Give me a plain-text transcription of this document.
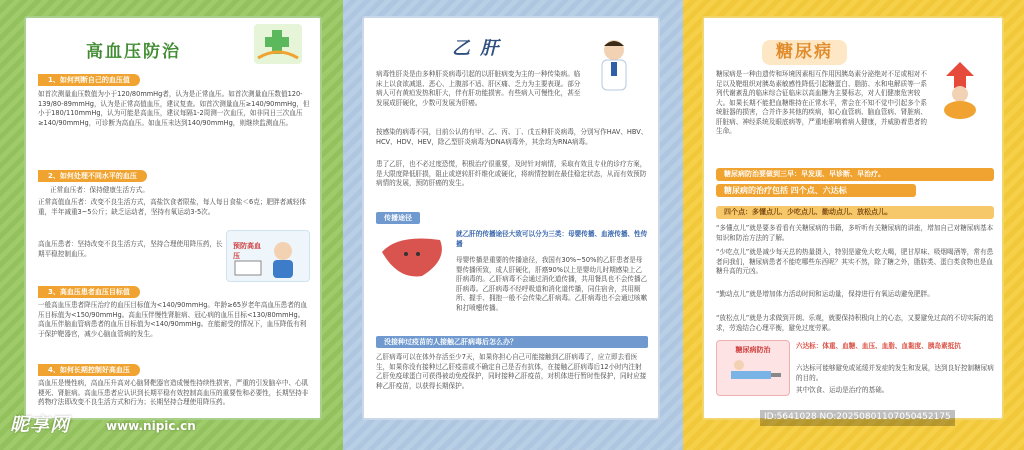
高血压防治
1、如何判断自己的血压值
如首次测量血压数值为小于120/80mmHg者，认为是正常血压。如首次测量血压数值120-139/80-89mmHg，认为是正常高值血压，建议复查。如首次测量血压≥140/90mmHg，但小于180/110mmHg，认为可能是高血压，建议每隔1-2周测一次血压，如非同日三次血压≥140/90mmHg，可诊断为高血压。如血压未达到140/90mmHg，则继续监测血压。
2、如何处理不同水平的血压
正常血压者：保持健康生活方式。
正常高值血压者：改变不良生活方式，高盐饮食者限盐，每人每日食盐＜6克；肥胖者减轻体重，半年减重3~5公斤；缺乏运动者，坚持有氧运动3-5次。
高血压患者：坚持改变不良生活方式，坚持合理使用降压药，长期平稳控制血压。
预防高血压
3、高血压患者血压目标值
一般高血压患者降压治疗的血压目标值为<140/90mmHg。年龄≥65岁老年高血压患者的血压目标值为<150/90mmHg。高血压伴慢性肾脏病、冠心病的血压目标<130/80mmHg。高血压伴脑血管病患者的血压目标值为<140/90mmHg。在能耐受的情况下，血压降低有利于保护靶器官，减少心脑血管病的发生。
4、如何长期控制好高血压
高血压是慢性病，高血压升高对心脑肾靶器官造成慢性持续性损害，严重的引发脑卒中、心肌梗死、肾脏病。高血压患者应认识到长期平稳有效控制高血压的重要性和必要性，长期坚持非药物疗法即改变不良生活方式和行为；长期坚持合理使用降压药。
乙 肝
病毒性肝炎是由多种肝炎病毒引起的以肝脏病变为主的一种传染病。临床上以食欲减退、恶心、上腹部不适、肝区痛、乏力为主要表现。部分病人可有黄疸发热和肝大，伴有肝功能损害。有些病人可慢性化，甚至发展成肝硬化，少数可发展为肝癌。
按感染的病毒不同，目前公认的有甲、乙、丙、丁、戊五种肝炎病毒，分别写作HAV、HBV、HCV、HDV、HEV，除乙型肝炎病毒为DNA病毒外，其余均为RNA病毒。
患了乙肝，也不必过度恐慌，积极治疗很重要，及时针对病情，采取有效且专业的诊疗方案，是大限度降低肝损，阻止或逆转肝纤维化或硬化，将病情控制在最佳稳定状态，从而有效预防病情的发展，预防肝癌的发生。
传播途径
就乙肝的传播途径大致可以分为三类：母婴传播、血液传播、性传播
母婴传播是重要的传播途径，我国有30%~50%的乙肝患者是母婴传播所致，成人肝硬化，肝癌90%以上是婴幼儿时期感染上乙肝病毒的。乙肝病毒不会通过消化道传播，共用餐具也不会传播乙肝病毒。乙肝病毒不经呼吸道和消化道传播，同住宿舍，共用厕所、握手、拥抱一般不会传染乙肝病毒。乙肝病毒也不会通过咳嗽和打喷嚏传播。
没接种过疫苗的人接触乙肝病毒后怎么办？
乙肝病毒可以在体外存活至少7天，如果你担心自己可能接触到乙肝病毒了，应立即去看医生，如果你没有接种过乙肝疫苗或不确定自己是否有抗体，在接触乙肝病毒后12小时内注射乙肝免疫球蛋白可获得被动免疫保护，同时接种乙肝疫苗，对机体进行暂时性保护，同时应接种乙肝疫苗，以获得长期保护。
糖尿病
糖尿病是一种由遗传和环境因素相互作用因胰岛素分泌绝对不足或相对不足以及靶组织对胰岛素敏感性降低引起糖蛋白、脂肪、水和电解质等一系列代谢紊乱的临床综合征临床以高血糖为主要标志，对人们健康危害较大。如果长期不能把血糖维持在正常水平，常会在不知不觉中引起多个系统脏器的损害，合并许多其他的疾病，如心血管病、脑血管病、肾脏病、肝脏病、神经系统及眼底病等，严重地影响着病人健康，并威胁着患者的生命。
糖尿病防治要做到三早：早发现、早诊断、早治疗。
糖尿病的治疗包括 四个点、六达标
四个点：多懂点儿、少吃点儿、勤动点儿、放松点儿。
“多懂点儿”就是要多看看有关糖尿病的书籍，多听听有关糖尿病的讲座，增加自己对糖尿病基本知识和防治方法的了解。
“少吃点儿”就是减少每天总的热量摄入，特别是避免大吃大喝，肥甘厚味、吸烟喝酒等，常有患者问我们，糖尿病患者不能吃哪些东西呢？其实不然，除了糖之外，脂肪类、蛋白类食物也是血糖升高的元凶。
“勤动点儿”就是增加体力活动时间和运动量，保持进行有氧运动避免肥胖。
“放松点儿”就是力求做到开朗、乐观，就要保持积极向上的心态，又要避免过高的不切实际的追求，劳逸结合心理平衡，避免过度劳累。
糖尿病防治	六达标：体重、血糖、血压、血脂、血黏度、胰岛素抵抗
六达标可能够避免或延缓并发症的发生和发展，达到良好控制糖尿病的目的。
其中饮食、运动是治疗的基础。
昵享网	www.nipic.cn
ID:5641028 NO:20250801107050452175
